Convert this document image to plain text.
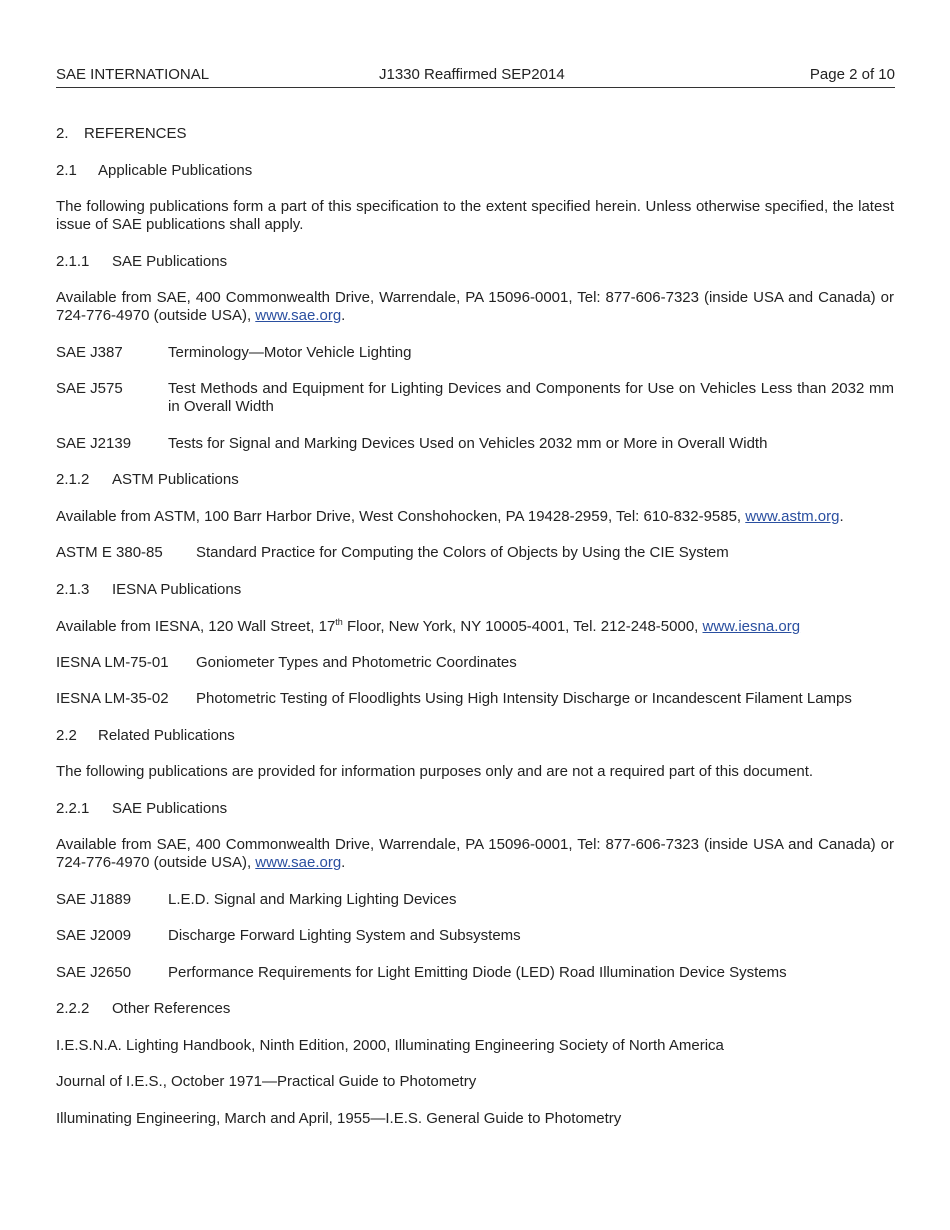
SAE INTERNATIONAL	J1330 Reaffirmed SEP2014	Page 2 of 10
2. REFERENCES
2.1 Applicable Publications
The following publications form a part of this specification to the extent specified herein. Unless otherwise specified, the latest issue of SAE publications shall apply.
2.1.1 SAE Publications
Available from SAE, 400 Commonwealth Drive, Warrendale, PA 15096-0001, Tel: 877-606-7323 (inside USA and Canada) or 724-776-4970 (outside USA), www.sae.org.
SAE J387	Terminology—Motor Vehicle Lighting
SAE J575	Test Methods and Equipment for Lighting Devices and Components for Use on Vehicles Less than 2032 mm in Overall Width
SAE J2139 Tests for Signal and Marking Devices Used on Vehicles 2032 mm or More in Overall Width
2.1.2 ASTM Publications
Available from ASTM, 100 Barr Harbor Drive, West Conshohocken, PA 19428-2959, Tel: 610-832-9585, www.astm.org.
ASTM E 380-85 Standard Practice for Computing the Colors of Objects by Using the CIE System
2.1.3 IESNA Publications
Available from IESNA, 120 Wall Street, 17th Floor, New York, NY 10005-4001, Tel. 212-248-5000, www.iesna.org
IESNA LM-75-01 Goniometer Types and Photometric Coordinates
IESNA LM-35-02 Photometric Testing of Floodlights Using High Intensity Discharge or Incandescent Filament Lamps
2.2 Related Publications
The following publications are provided for information purposes only and are not a required part of this document.
2.2.1 SAE Publications
Available from SAE, 400 Commonwealth Drive, Warrendale, PA 15096-0001, Tel: 877-606-7323 (inside USA and Canada) or 724-776-4970 (outside USA), www.sae.org.
SAE J1889 L.E.D. Signal and Marking Lighting Devices
SAE J2009 Discharge Forward Lighting System and Subsystems
SAE J2650 Performance Requirements for Light Emitting Diode (LED) Road Illumination Device Systems
2.2.2 Other References
I.E.S.N.A. Lighting Handbook, Ninth Edition, 2000, Illuminating Engineering Society of North America
Journal of I.E.S., October 1971—Practical Guide to Photometry
Illuminating Engineering, March and April, 1955—I.E.S. General Guide to Photometry
